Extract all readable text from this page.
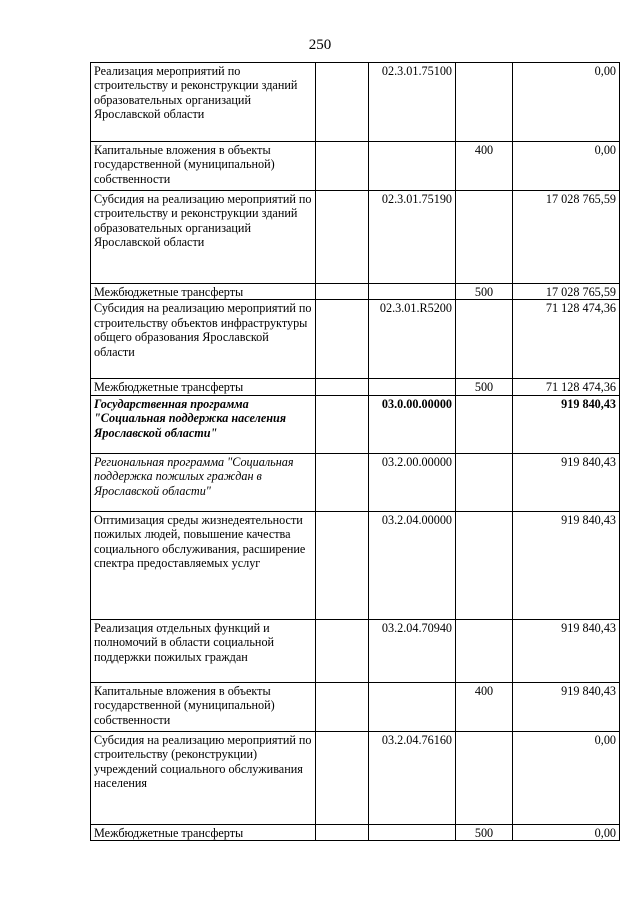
250
Реализация мероприятий по строительству и реконструкции зданий образовательных организаций Ярославской области		02.3.01.75100		0,00
Капитальные вложения в объекты государственной (муниципальной) собственности			400	0,00
Субсидия на реализацию мероприятий по строительству и реконструкции зданий образовательных организаций Ярославской области		02.3.01.75190		17 028 765,59
Межбюджетные трансферты			500	17 028 765,59
Субсидия на реализацию мероприятий по строительству объектов инфраструктуры общего образования Ярославской области		02.3.01.R5200		71 128 474,36
Межбюджетные трансферты			500	71 128 474,36
Государственная программа "Социальная поддержка населения Ярославской области"		03.0.00.00000		919 840,43
Региональная программа "Социальная поддержка пожилых граждан в Ярославской области"		03.2.00.00000		919 840,43
Оптимизация среды жизнедеятельности пожилых людей, повышение качества социального обслуживания, расширение спектра предоставляемых услуг		03.2.04.00000		919 840,43
Реализация отдельных функций и полномочий в области социальной поддержки пожилых граждан		03.2.04.70940		919 840,43
Капитальные вложения в объекты государственной (муниципальной) собственности			400	919 840,43
Субсидия на реализацию мероприятий по строительству (реконструкции) учреждений социального обслуживания населения		03.2.04.76160		0,00
Межбюджетные трансферты			500	0,00
